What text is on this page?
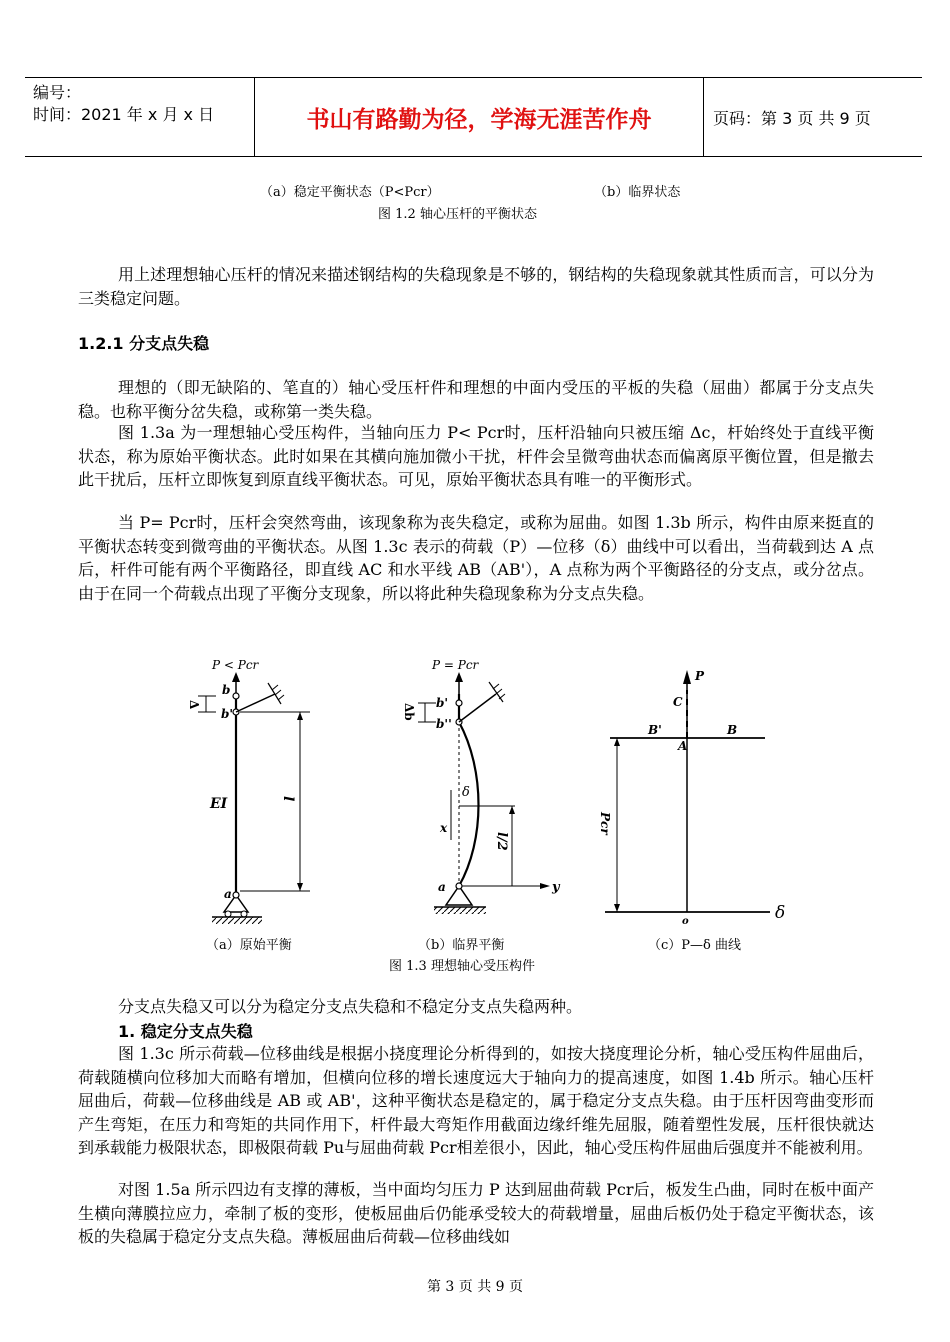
编号：
时间：2021 年 x 月 x 日	书山有路勤为径，学海无涯苦作舟	页码：第 3 页 共 9 页
（a）稳定平衡状态（P<Pcr）	（b）临界状态
图 1.2 轴心压杆的平衡状态
用上述理想轴心压杆的情况来描述钢结构的失稳现象是不够的，钢结构的失稳现象就其性质而言，可以分为三类稳定问题。
1.2.1 分支点失稳
理想的（即无缺陷的、笔直的）轴心受压杆件和理想的中面内受压的平板的失稳（屈曲）都属于分支点失稳。也称平衡分岔失稳，或称第一类失稳。
图 1.3a 为一理想轴心受压构件，当轴向压力 P< Pcr时，压杆沿轴向只被压缩 Δc，杆始终处于直线平衡状态，称为原始平衡状态。此时如果在其横向施加微小干扰，杆件会呈微弯曲状态而偏离原平衡位置，但是撤去此干扰后，压杆立即恢复到原直线平衡状态。可见，原始平衡状态具有唯一的平衡形式。
当 P= Pcr时，压杆会突然弯曲，该现象称为丧失稳定，或称为屈曲。如图 1.3b 所示，构件由原来挺直的平衡状态转变到微弯曲的平衡状态。从图 1.3c 表示的荷载（P）—位移（δ）曲线中可以看出，当荷载到达 A 点后，杆件可能有两个平衡路径，即直线 AC 和水平线 AB（AB'），A 点称为两个平衡路径的分支点，或分岔点。由于在同一个荷载点出现了平衡分支现象，所以将此种失稳现象称为分支点失稳。
P < Pcr
b
b'
Δ
EI	l
a
P = Pcr
b'
b''
Δb
δ
x
l/2
y
a
P
C
B'
A
B
Pcr
o	δ
（a）原始平衡	（b）临界平衡	（c）P—δ 曲线
图 1.3 理想轴心受压构件
分支点失稳又可以分为稳定分支点失稳和不稳定分支点失稳两种。
1. 稳定分支点失稳
图 1.3c 所示荷载—位移曲线是根据小挠度理论分析得到的，如按大挠度理论分析，轴心受压构件屈曲后，荷载随横向位移加大而略有增加，但横向位移的增长速度远大于轴向力的提高速度，如图 1.4b 所示。轴心压杆屈曲后，荷载—位移曲线是 AB 或 AB'，这种平衡状态是稳定的，属于稳定分支点失稳。由于压杆因弯曲变形而产生弯矩，在压力和弯矩的共同作用下，杆件最大弯矩作用截面边缘纤维先屈服，随着塑性发展，压杆很快就达到承载能力极限状态，即极限荷载 Pu与屈曲荷载 Pcr相差很小，因此，轴心受压构件屈曲后强度并不能被利用。
对图 1.5a 所示四边有支撑的薄板，当中面均匀压力 P 达到屈曲荷载 Pcr后，板发生凸曲，同时在板中面产生横向薄膜拉应力，牵制了板的变形，使板屈曲后仍能承受较大的荷载增量，屈曲后板仍处于稳定平衡状态，该板的失稳属于稳定分支点失稳。薄板屈曲后荷载—位移曲线如
第 3 页 共 9 页
